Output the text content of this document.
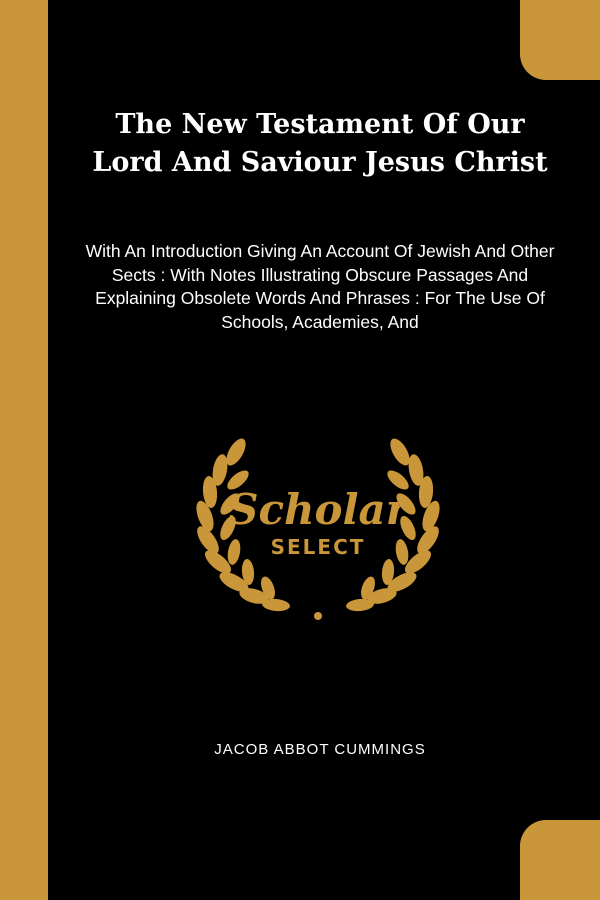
The New Testament Of Our Lord And Saviour Jesus Christ

With An Introduction Giving An Account Of Jewish And Other Sects : With Notes Illustrating Obscure Passages And Explaining Obsolete Words And Phrases : For The Use Of Schools, Academies, And

Scholar
SELECT

JACOB ABBOT CUMMINGS
